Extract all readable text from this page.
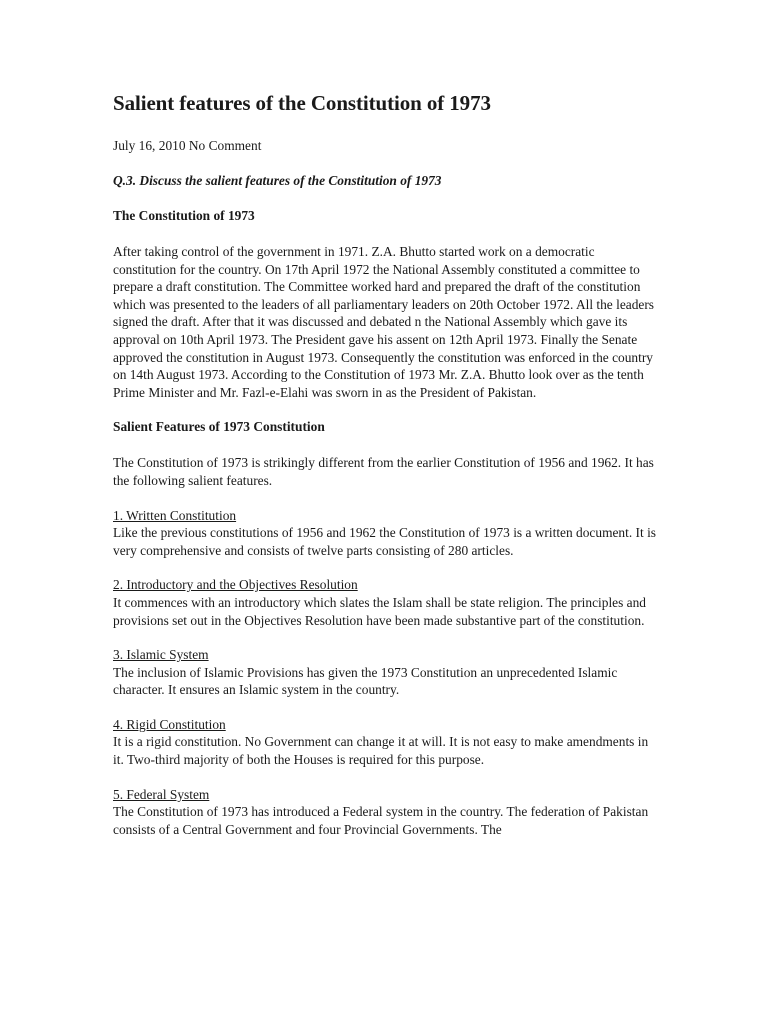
Salient features of the Constitution of 1973
July 16, 2010 No Comment
Q.3. Discuss the salient features of the Constitution of 1973
The Constitution of 1973

After taking control of the government in 1971. Z.A. Bhutto started work on a democratic constitution for the country. On 17th April 1972 the National Assembly constituted a committee to prepare a draft constitution. The Committee worked hard and prepared the draft of the constitution which was presented to the leaders of all parliamentary leaders on 20th October 1972. All the leaders signed the draft. After that it was discussed and debated n the National Assembly which gave its approval on 10th April 1973. The President gave his assent on 12th April 1973. Finally the Senate approved the constitution in August 1973. Consequently the constitution was enforced in the country on 14th August 1973. According to the Constitution of 1973 Mr. Z.A. Bhutto look over as the tenth Prime Minister and Mr. Fazl-e-Elahi was sworn in as the President of Pakistan.

Salient Features of 1973 Constitution

The Constitution of 1973 is strikingly different from the earlier Constitution of 1956 and 1962. It has the following salient features.

1. Written Constitution

Like the previous constitutions of 1956 and 1962 the Constitution of 1973 is a written document. It is very comprehensive and consists of twelve parts consisting of 280 articles.

2. Introductory and the Objectives Resolution

It commences with an introductory which slates the Islam shall be state religion. The principles and provisions set out in the Objectives Resolution have been made substantive part of the constitution.

3. Islamic System

The inclusion of Islamic Provisions has given the 1973 Constitution an unprecedented Islamic character. It ensures an Islamic system in the country.

4. Rigid Constitution

It is a rigid constitution. No Government can change it at will. It is not easy to make amendments in it. Two-third majority of both the Houses is required for this purpose.

5. Federal System

The Constitution of 1973 has introduced a Federal system in the country. The federation of Pakistan consists of a Central Government and four Provincial Governments. The
